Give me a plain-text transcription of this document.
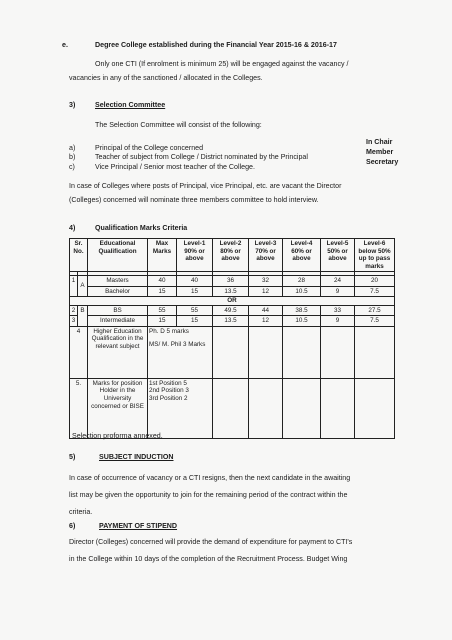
e.	Degree College established during the Financial Year 2015-16 & 2016-17
Only one CTI (If enrolment is minimum 25) will be engaged against the vacancy /
vacancies in any of the sanctioned / allocated in the Colleges.
3)	Selection Committee
The Selection Committee will consist of the following:
a)	Principal of the College concerned
In Chair
b)	Teacher of subject from College / District nominated by the Principal
Member
c)	Vice Principal / Senior most teacher of the College.
Secretary
In case of Colleges where posts of Principal, vice Principal, etc. are vacant the Director
(Colleges) concerned will nominate three members committee to hold interview.
4)	Qualification Marks Criteria
Sr. No.		Educational Qualification	Max Marks	Level-1 90% or above	Level-2 80% or above	Level-3 70% or above	Level-4 60% or above	Level-5 50% or above	Level-6 below 50% up to pass marks

1	A	Masters	40	40	36	32	28	24	20
		Bachelor	15	15	13.5	12	10.5	9	7.5
OR									
2	B	BS	55	55	49.5	44	38.5	33	27.5
3		Intermediate	15	15	13.5	12	10.5	9	7.5
4		Higher Education Qualification in the relevant subject	Ph. D 5 marks
MS/ M. Phil 3 Marks						

5.		Marks for position Holder in the University concerned or BISE	1st Position 5
2nd Position 3
3rd Position 2						

Selection proforma annexed.
5)	SUBJECT INDUCTION
In case of occurrence of vacancy or a CTI resigns, then the next candidate in the awaiting
list may be given the opportunity to join for the remaining period of the contract within the
criteria.
6)	PAYMENT OF STIPEND
Director (Colleges) concerned will provide the demand of expenditure for payment to CTI's
in the College within 10 days of the completion of the Recruitment Process. Budget Wing
